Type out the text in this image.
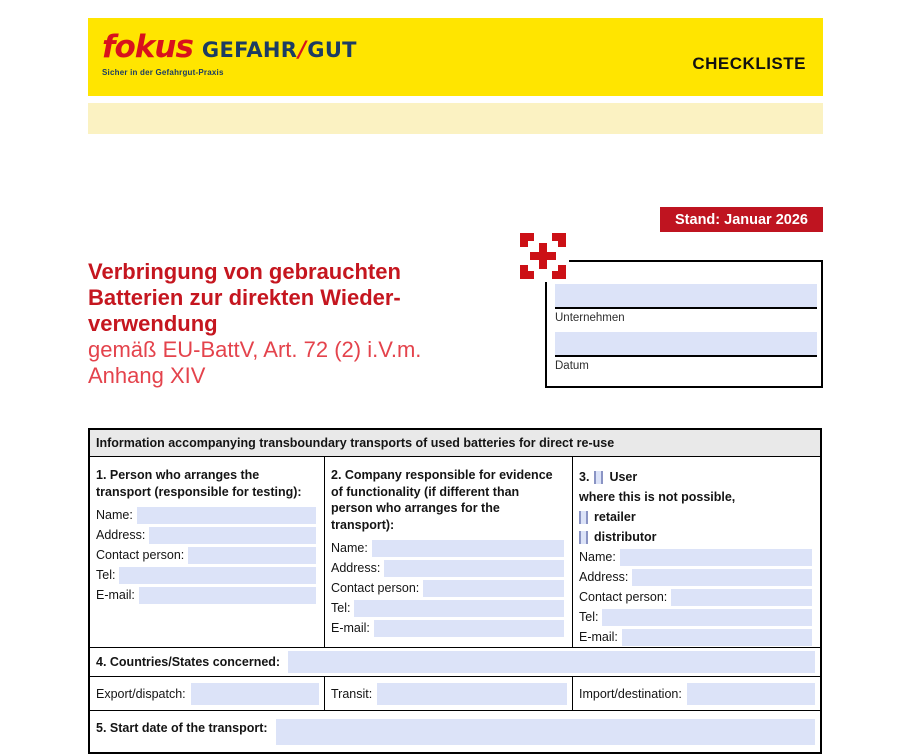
fokus GEFAHR / GUT
Sicher in der Gefahrgut-Praxis	CHECKLISTE
Stand: Januar 2026
Verbringung von gebrauchten
Batterien zur direkten Wieder-
verwendung
gemäß EU-BattV, Art. 72 (2) i.V.m.
Anhang XIV
Unternehmen
Datum
Information accompanying transboundary transports of used batteries for direct re-use
1. Person who arranges the transport (responsible for testing):
Name:
Address:
Contact person:
Tel:
E-mail:
2. Company responsible for evidence of functionality (if different than person who arranges for the transport):
Name:
Address:
Contact person:
Tel:
E-mail:
3. User
where this is not possible,
retailer
distributor
Name:
Address:
Contact person:
Tel:
E-mail:
4. Countries/States concerned:
Export/dispatch:	Transit:	Import/destination:
5. Start date of the transport:
